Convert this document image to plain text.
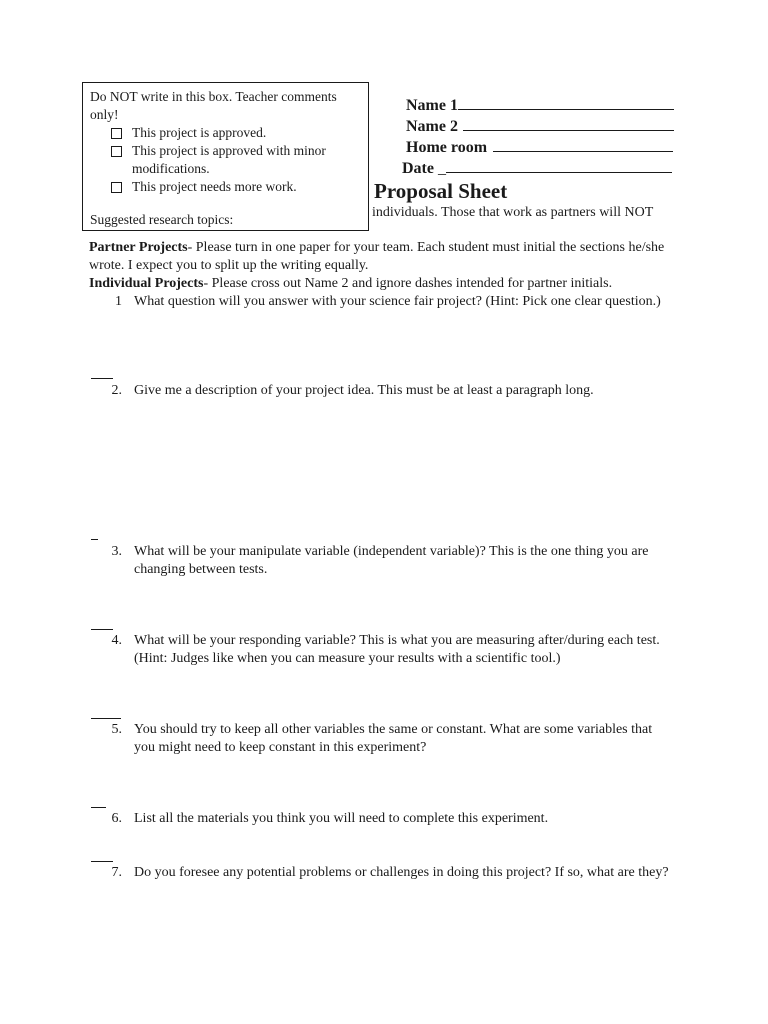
Do NOT write in this box. Teacher comments only!
This project is approved.
This project is approved with minor modifications.
This project needs more work.
Suggested research topics:
Name 1
Name 2
Home room
Date _
Proposal Sheet
individuals. Those that work as partners will NOT
Partner Projects- Please turn in one paper for your team. Each student must initial the sections he/she wrote. I expect you to split up the writing equally.
Individual Projects- Please cross out Name 2 and ignore dashes intended for partner initials.
1 What question will you answer with your science fair project? (Hint: Pick one clear question.)
2. Give me a description of your project idea. This must be at least a paragraph long.
3. What will be your manipulate variable (independent variable)? This is the one thing you are changing between tests.
4. What will be your responding variable? This is what you are measuring after/during each test. (Hint: Judges like when you can measure your results with a scientific tool.)
5. You should try to keep all other variables the same or constant. What are some variables that you might need to keep constant in this experiment?
6. List all the materials you think you will need to complete this experiment.
7. Do you foresee any potential problems or challenges in doing this project? If so, what are they?
